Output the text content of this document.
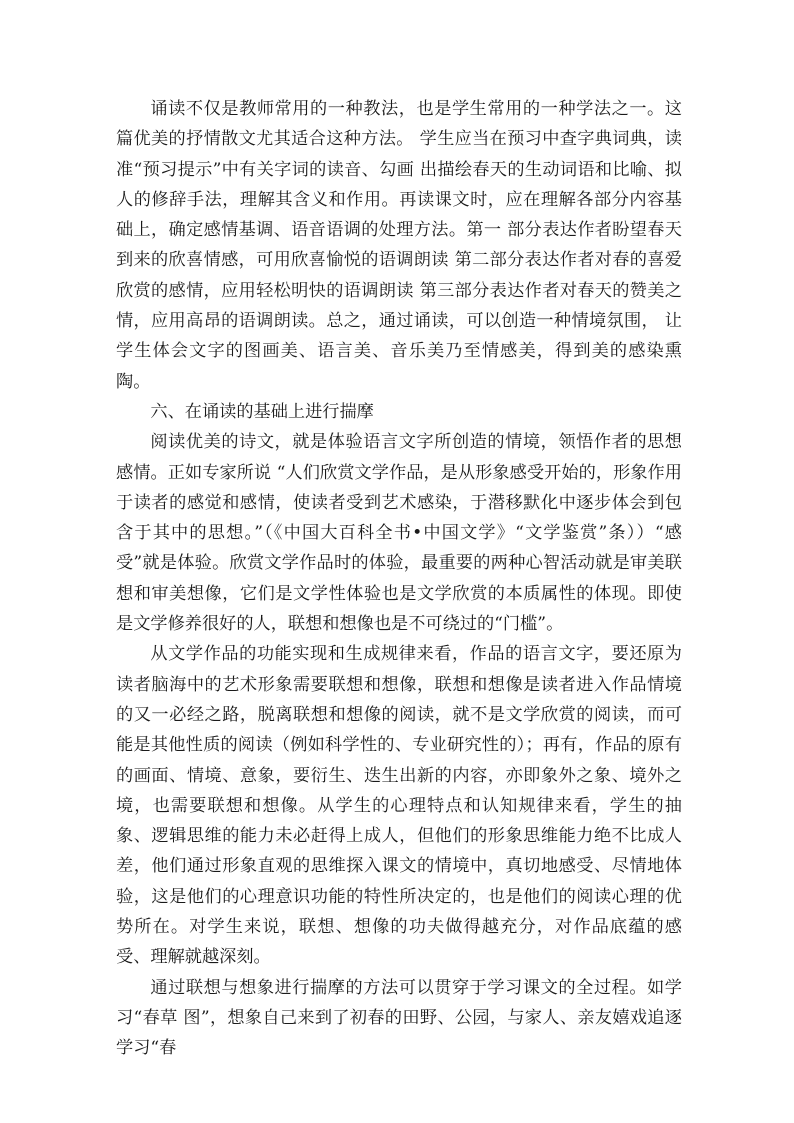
诵读不仅是教师常用的一种教法，也是学生常用的一种学法之一。这篇优美的抒情散文尤其适合这种方法。 学生应当在预习中查字典词典，读准“预习提示”中有关字词的读音、勾画 出描绘春天的生动词语和比喻、拟人的修辞手法，理解其含义和作用。再读课文时，应在理解各部分内容基础上，确定感情基调、语音语调的处理方法。第一 部分表达作者盼望春天到来的欣喜情感，可用欣喜愉悦的语调朗读 第二部分表达作者对春的喜爱欣赏的感情，应用轻松明快的语调朗读 第三部分表达作者对春天的赞美之情，应用高昂的语调朗读。总之，通过诵读，可以创造一种情境氛围， 让学生体会文字的图画美、语言美、音乐美乃至情感美，得到美的感染熏陶。

六、在诵读的基础上进行揣摩

阅读优美的诗文，就是体验语言文字所创造的情境，领悟作者的思想感情。正如专家所说 “人们欣赏文学作品，是从形象感受开始的，形象作用于读者的感觉和感情，使读者受到艺术感染，于潜移默化中逐步体会到包含于其中的思想。”（《中国大百科全书•中国文学》“文学鉴赏”条））“感受”就是体验。欣赏文学作品时的体验，最重要的两种心智活动就是审美联想和审美想像，它们是文学性体验也是文学欣赏的本质属性的体现。即使是文学修养很好的人，联想和想像也是不可绕过的“门槛”。

从文学作品的功能实现和生成规律来看，作品的语言文字，要还原为读者脑海中的艺术形象需要联想和想像，联想和想像是读者进入作品情境的又一必经之路，脱离联想和想像的阅读，就不是文学欣赏的阅读，而可能是其他性质的阅读（例如科学性的、专业研究性的）；再有，作品的原有的画面、情境、意象，要衍生、迭生出新的内容，亦即象外之象、境外之境，也需要联想和想像。从学生的心理特点和认知规律来看，学生的抽象、逻辑思维的能力未必赶得上成人，但他们的形象思维能力绝不比成人差，他们通过形象直观的思维探入课文的情境中，真切地感受、尽情地体验，这是他们的心理意识功能的特性所决定的，也是他们的阅读心理的优势所在。对学生来说，联想、想像的功夫做得越充分，对作品底蕴的感受、理解就越深刻。

通过联想与想象进行揣摩的方法可以贯穿于学习课文的全过程。如学习“春草 图”，想象自己来到了初春的田野、公园，与家人、亲友嬉戏追逐 学习“春
